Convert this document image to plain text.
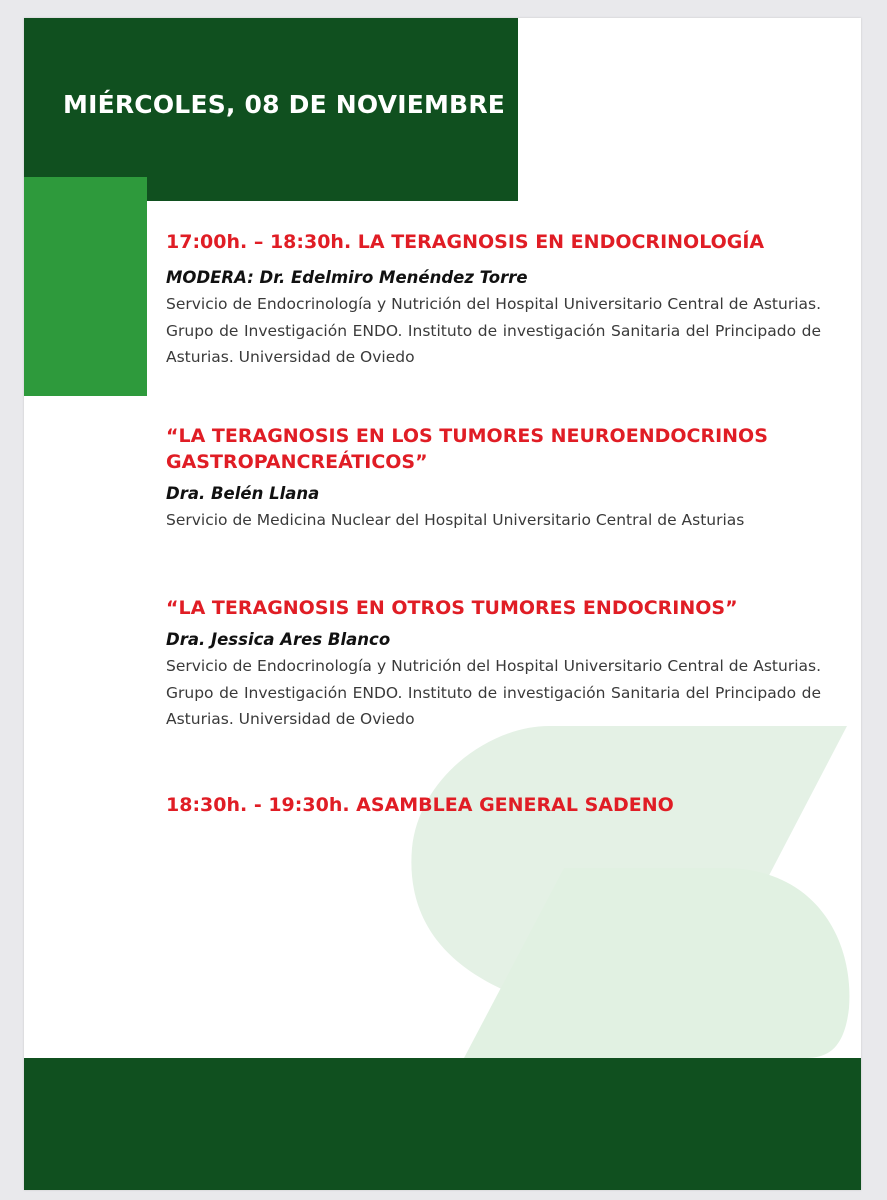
MIÉRCOLES, 08 DE NOVIEMBRE
17:00h. – 18:30h. LA TERAGNOSIS EN ENDOCRINOLOGÍA

MODERA: Dr. Edelmiro Menéndez Torre

Servicio de Endocrinología y Nutrición del Hospital Universitario Central de Asturias. Grupo de Investigación ENDO. Instituto de investigación Sanitaria del Principado de Asturias. Universidad de Oviedo

“LA TERAGNOSIS EN LOS TUMORES NEUROENDOCRINOS
GASTROPANCREÁTICOS”

Dra. Belén Llana

Servicio de Medicina Nuclear del Hospital Universitario Central de Asturias

“LA TERAGNOSIS EN OTROS TUMORES ENDOCRINOS”

Dra. Jessica Ares Blanco

Servicio de Endocrinología y Nutrición del Hospital Universitario Central de Asturias. Grupo de Investigación ENDO. Instituto de investigación Sanitaria del Principado de Asturias. Universidad de Oviedo

18:30h. - 19:30h. ASAMBLEA GENERAL SADENO
